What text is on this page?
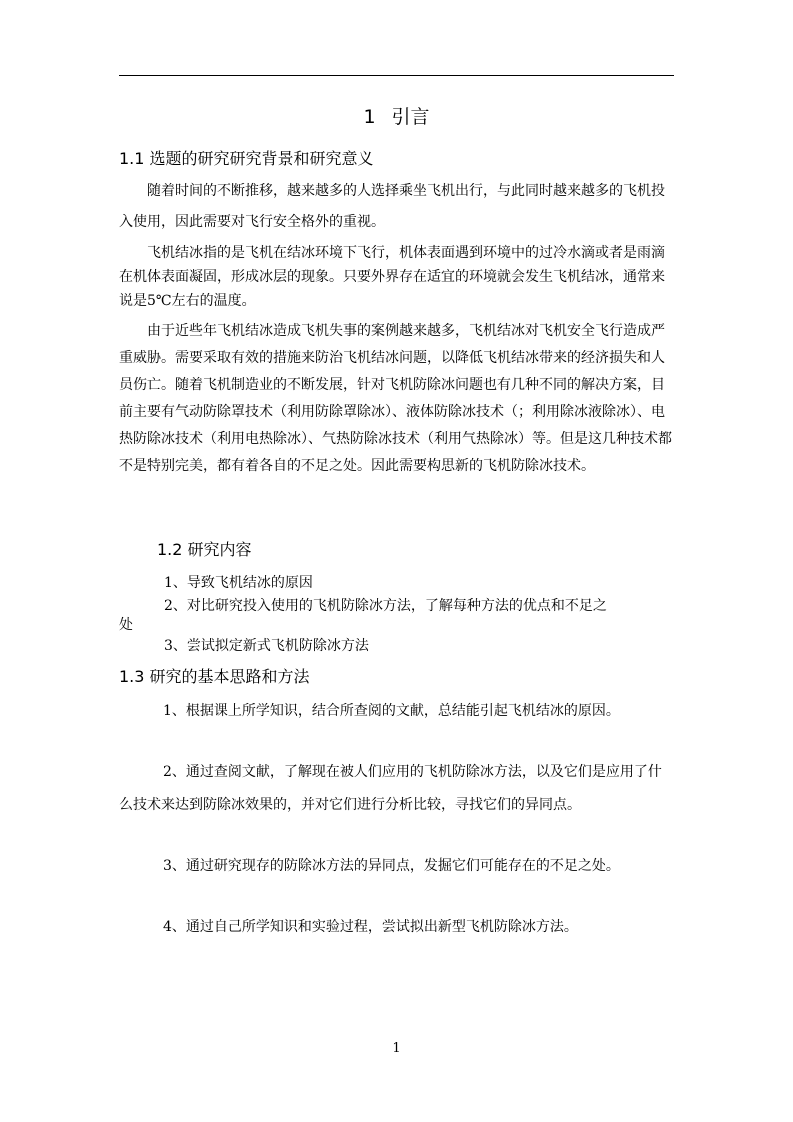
1 引言
1.1 选题的研究研究背景和研究意义

随着时间的不断推移，越来越多的人选择乘坐飞机出行，与此同时越来越多的飞机投入使用，因此需要对飞行安全格外的重视。

飞机结冰指的是飞机在结冰环境下飞行，机体表面遇到环境中的过冷水滴或者是雨滴在机体表面凝固，形成冰层的现象。只要外界存在适宜的环境就会发生飞机结冰，通常来说是5℃左右的温度。

由于近些年飞机结冰造成飞机失事的案例越来越多，飞机结冰对飞机安全飞行造成严重威胁。需要采取有效的措施来防治飞机结冰问题，以降低飞机结冰带来的经济损失和人员伤亡。随着飞机制造业的不断发展，针对飞机防除冰问题也有几种不同的解决方案，目前主要有气动防除罩技术（利用防除罩除冰）、液体防除冰技术（；利用除冰液除冰）、电热防除冰技术（利用电热除冰）、气热防除冰技术（利用气热除冰）等。但是这几种技术都不是特别完美，都有着各自的不足之处。因此需要构思新的飞机防除冰技术。

1.2 研究内容
1、导致飞机结冰的原因
2、对比研究投入使用的飞机防除冰方法，了解每种方法的优点和不足之
处
3、尝试拟定新式飞机防除冰方法
1.3 研究的基本思路和方法

1、根据课上所学知识，结合所查阅的文献，总结能引起飞机结冰的原因。

2、通过查阅文献，了解现在被人们应用的飞机防除冰方法，以及它们是应用了什么技术来达到防除冰效果的，并对它们进行分析比较，寻找它们的异同点。

3、通过研究现存的防除冰方法的异同点，发掘它们可能存在的不足之处。

4、通过自己所学知识和实验过程，尝试拟出新型飞机防除冰方法。

1
